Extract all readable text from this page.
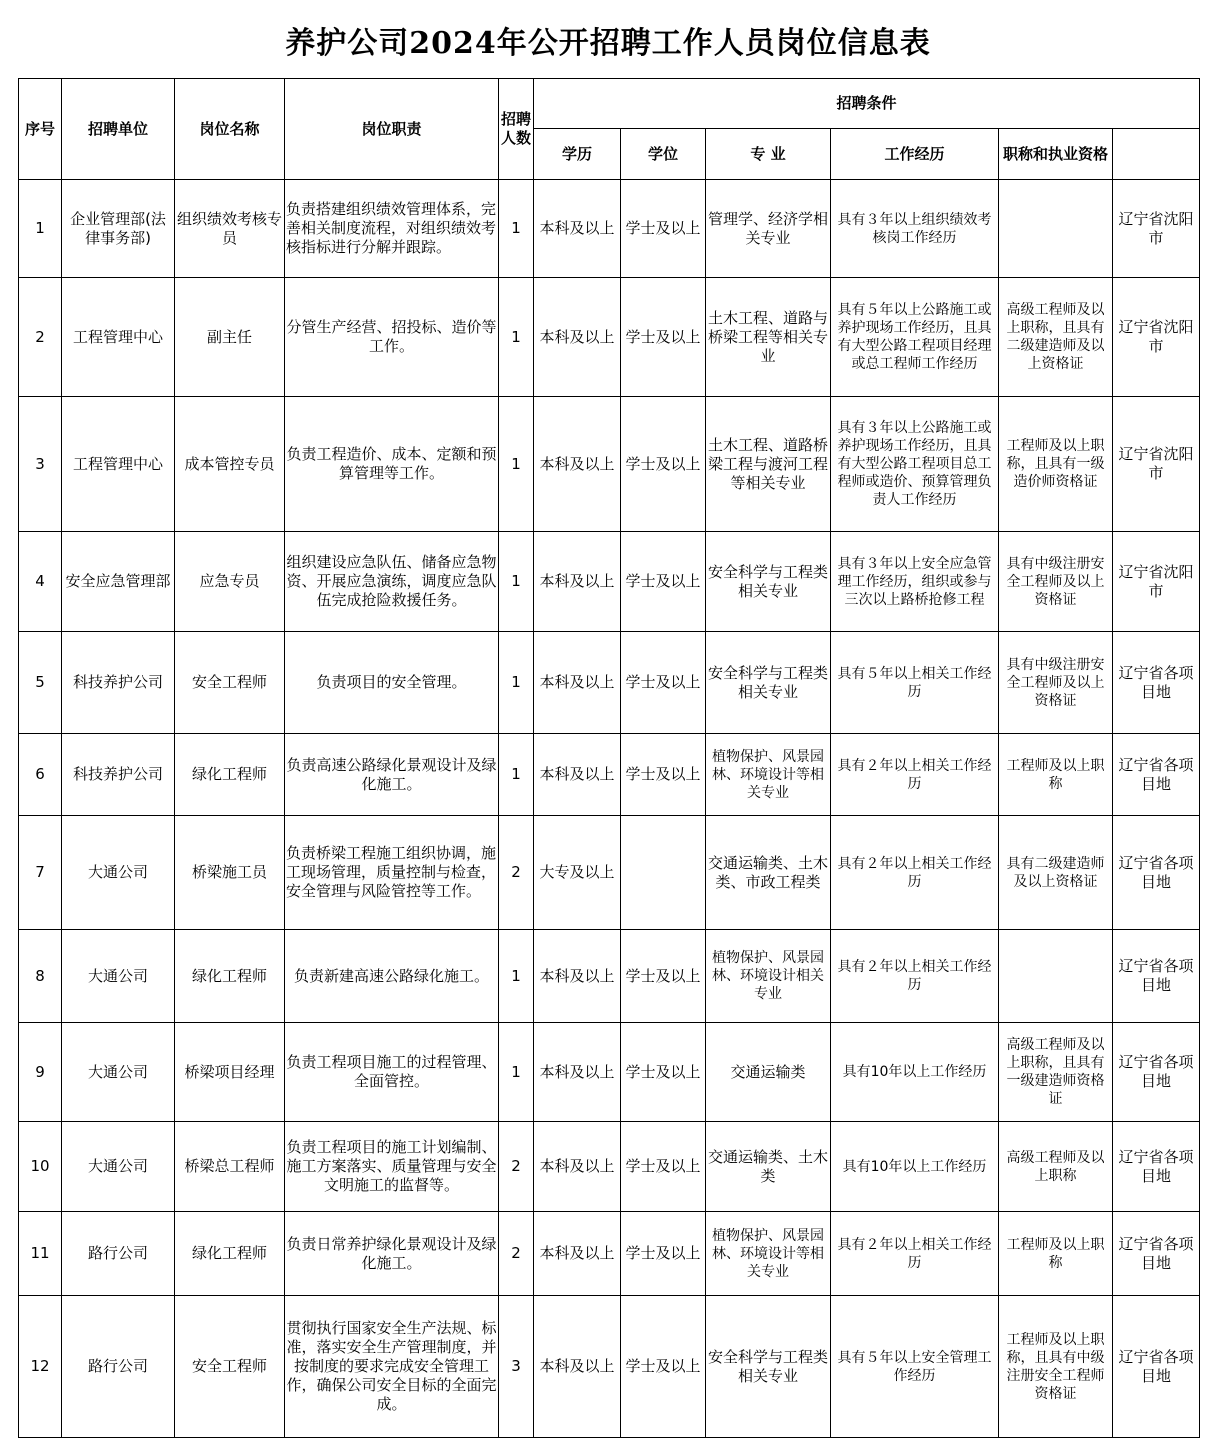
养护公司2024年公开招聘工作人员岗位信息表
序号	招聘单位	岗位名称	岗位职责	招聘人数	招聘条件	
					学历	学位	专 业	工作经历	职称和执业资格		
1	企业管理部(法律事务部)	组织绩效考核专员	负责搭建组织绩效管理体系，完善相关制度流程，对组织绩效考核指标进行分解并跟踪。	1	本科及以上	学士及以上	管理学、经济学相关专业	具有３年以上组织绩效考核岗工作经历		辽宁省沈阳市	
2	工程管理中心	副主任	分管生产经营、招投标、造价等工作。	1	本科及以上	学士及以上	土木工程、道路与桥梁工程等相关专业	具有５年以上公路施工或养护现场工作经历，且具有大型公路工程项目经理或总工程师工作经历	高级工程师及以上职称，且具有二级建造师及以上资格证	辽宁省沈阳市	
3	工程管理中心	成本管控专员	负责工程造价、成本、定额和预算管理等工作。	1	本科及以上	学士及以上	土木工程、道路桥梁工程与渡河工程等相关专业	具有３年以上公路施工或养护现场工作经历，且具有大型公路工程项目总工程师或造价、预算管理负责人工作经历	工程师及以上职称，且具有一级造价师资格证	辽宁省沈阳市	
4	安全应急管理部	应急专员	组织建设应急队伍、储备应急物资、开展应急演练，调度应急队伍完成抢险救援任务。	1	本科及以上	学士及以上	安全科学与工程类相关专业	具有３年以上安全应急管理工作经历，组织或参与三次以上路桥抢修工程	具有中级注册安全工程师及以上资格证	辽宁省沈阳市	
5	科技养护公司	安全工程师	负责项目的安全管理。	1	本科及以上	学士及以上	安全科学与工程类相关专业	具有５年以上相关工作经历	具有中级注册安全工程师及以上资格证	辽宁省各项目地	
6	科技养护公司	绿化工程师	负责高速公路绿化景观设计及绿化施工。	1	本科及以上	学士及以上	植物保护、风景园林、环境设计等相关专业	具有２年以上相关工作经历	工程师及以上职称	辽宁省各项目地	
7	大通公司	桥梁施工员	负责桥梁工程施工组织协调，施工现场管理，质量控制与检查，安全管理与风险管控等工作。	2	大专及以上		交通运输类、土木类、市政工程类	具有２年以上相关工作经历	具有二级建造师及以上资格证	辽宁省各项目地	
8	大通公司	绿化工程师	负责新建高速公路绿化施工。	1	本科及以上	学士及以上	植物保护、风景园林、环境设计相关专业	具有２年以上相关工作经历		辽宁省各项目地	
9	大通公司	桥梁项目经理	负责工程项目施工的过程管理、全面管控。	1	本科及以上	学士及以上	交通运输类	具有10年以上工作经历	高级工程师及以上职称，且具有一级建造师资格证	辽宁省各项目地	
10	大通公司	桥梁总工程师	负责工程项目的施工计划编制、施工方案落实、质量管理与安全文明施工的监督等。	2	本科及以上	学士及以上	交通运输类、土木类	具有10年以上工作经历	高级工程师及以上职称	辽宁省各项目地	
11	路行公司	绿化工程师	负责日常养护绿化景观设计及绿化施工。	2	本科及以上	学士及以上	植物保护、风景园林、环境设计等相关专业	具有２年以上相关工作经历	工程师及以上职称	辽宁省各项目地	
12	路行公司	安全工程师	贯彻执行国家安全生产法规、标准，落实安全生产管理制度，并按制度的要求完成安全管理工作，确保公司安全目标的全面完成。	3	本科及以上	学士及以上	安全科学与工程类相关专业	具有５年以上安全管理工作经历	工程师及以上职称，且具有中级注册安全工程师资格证	辽宁省各项目地	
